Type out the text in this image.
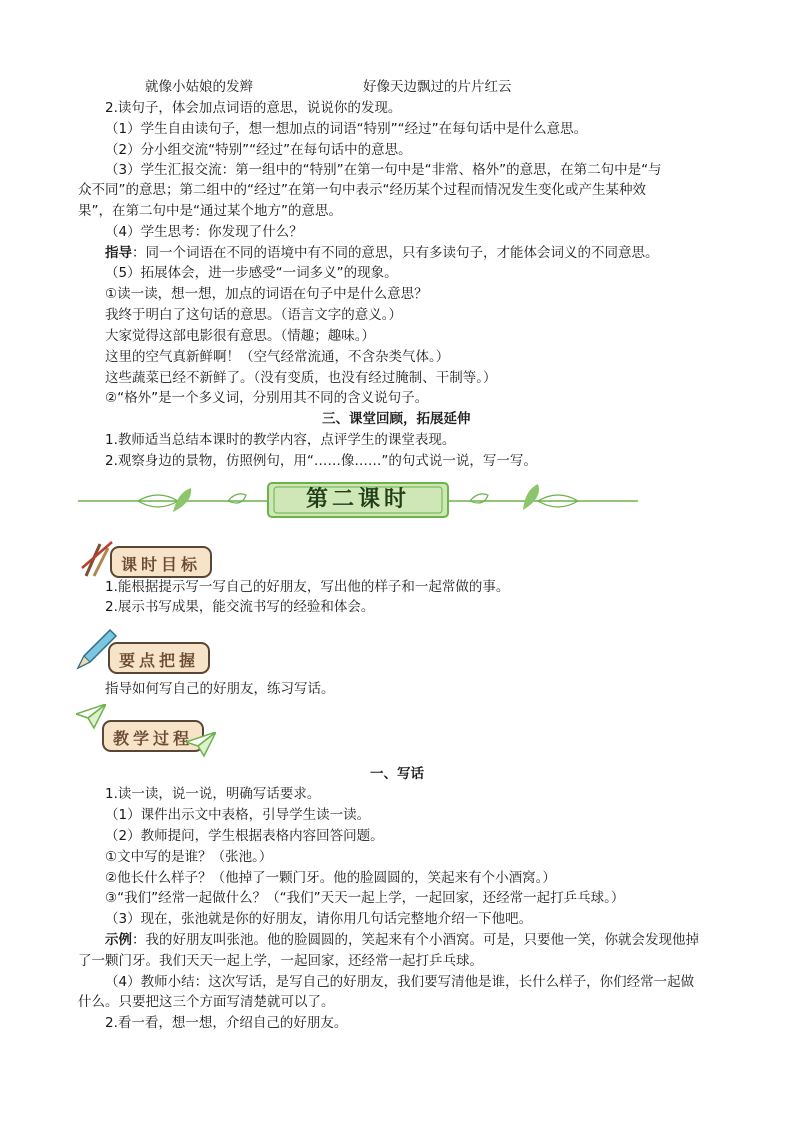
就像小姑娘的发辫	好像天边飘过的片片红云
2.读句子，体会加点词语的意思，说说你的发现。
（1）学生自由读句子，想一想加点的词语“特别”“经过”在每句话中是什么意思。
（2）分小组交流“特别”“经过”在每句话中的意思。
（3）学生汇报交流：第一组中的“特别”在第一句中是“非常、格外”的意思，在第二句中是“与
众不同”的意思；第二组中的“经过”在第一句中表示“经历某个过程而情况发生变化或产生某种效
果”，在第二句中是“通过某个地方”的意思。
（4）学生思考：你发现了什么？
指导：同一个词语在不同的语境中有不同的意思，只有多读句子，才能体会词义的不同意思。
（5）拓展体会，进一步感受“一词多义”的现象。
①读一读，想一想，加点的词语在句子中是什么意思？
我终于明白了这句话的意思。（语言文字的意义。）
大家觉得这部电影很有意思。（情趣；趣味。）
这里的空气真新鲜啊！（空气经常流通，不含杂类气体。）
这些蔬菜已经不新鲜了。（没有变质，也没有经过腌制、干制等。）
②“格外”是一个多义词，分别用其不同的含义说句子。
三、课堂回顾，拓展延伸
1.教师适当总结本课时的教学内容，点评学生的课堂表现。
2.观察身边的景物，仿照例句，用“……像……”的句式说一说，写一写。
第二课时
课时目标
1.能根据提示写一写自己的好朋友，写出他的样子和一起常做的事。
2.展示书写成果，能交流书写的经验和体会。
要点把握
指导如何写自己的好朋友，练习写话。
教学过程
一、写话
1.读一读，说一说，明确写话要求。
（1）课件出示文中表格，引导学生读一读。
（2）教师提问，学生根据表格内容回答问题。
①文中写的是谁？（张池。）
②他长什么样子？（他掉了一颗门牙。他的脸圆圆的，笑起来有个小酒窝。）
③“我们”经常一起做什么？（“我们”天天一起上学，一起回家，还经常一起打乒乓球。）
（3）现在，张池就是你的好朋友，请你用几句话完整地介绍一下他吧。
示例：我的好朋友叫张池。他的脸圆圆的，笑起来有个小酒窝。可是，只要他一笑，你就会发现他掉
了一颗门牙。我们天天一起上学，一起回家，还经常一起打乒乓球。
（4）教师小结：这次写话，是写自己的好朋友，我们要写清他是谁，长什么样子，你们经常一起做
什么。只要把这三个方面写清楚就可以了。
2.看一看，想一想，介绍自己的好朋友。
